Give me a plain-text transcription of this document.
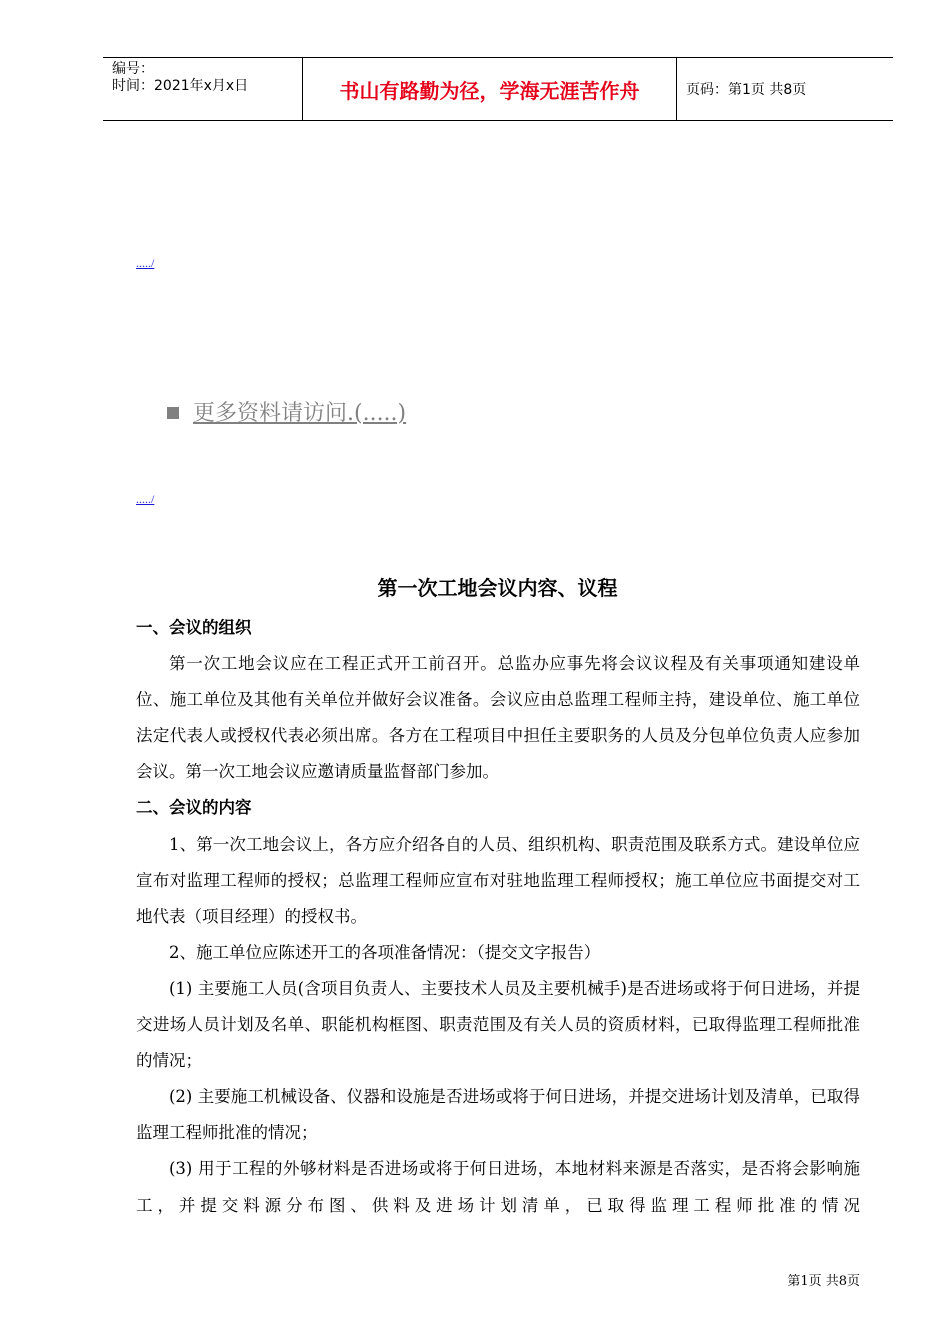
编号：
时间：2021年x月x日	书山有路勤为径，学海无涯苦作舟	页码：第1页 共8页
...../
更多资料请访问.(.....)
...../
第一次工地会议内容、议程
一、会议的组织
第一次工地会议应在工程正式开工前召开。总监办应事先将会议议程及有关事项通知建设单位、施工单位及其他有关单位并做好会议准备。会议应由总监理工程师主持，建设单位、施工单位法定代表人或授权代表必须出席。各方在工程项目中担任主要职务的人员及分包单位负责人应参加会议。第一次工地会议应邀请质量监督部门参加。
二、会议的内容
1、第一次工地会议上，各方应介绍各自的人员、组织机构、职责范围及联系方式。建设单位应宣布对监理工程师的授权；总监理工程师应宣布对驻地监理工程师授权；施工单位应书面提交对工地代表（项目经理）的授权书。
2、施工单位应陈述开工的各项准备情况：（提交文字报告）
(1) 主要施工人员(含项目负责人、主要技术人员及主要机械手)是否进场或将于何日进场，并提交进场人员计划及名单、职能机构框图、职责范围及有关人员的资质材料，已取得监理工程师批准的情况；
(2) 主要施工机械设备、仪器和设施是否进场或将于何日进场，并提交进场计划及清单，已取得监理工程师批准的情况；
(3) 用于工程的外够材料是否进场或将于何日进场，本地材料来源是否落实，是否将会影响施工，并提交料源分布图、供料及进场计划清单，已取得监理工程师批准的情况
第1页 共8页
